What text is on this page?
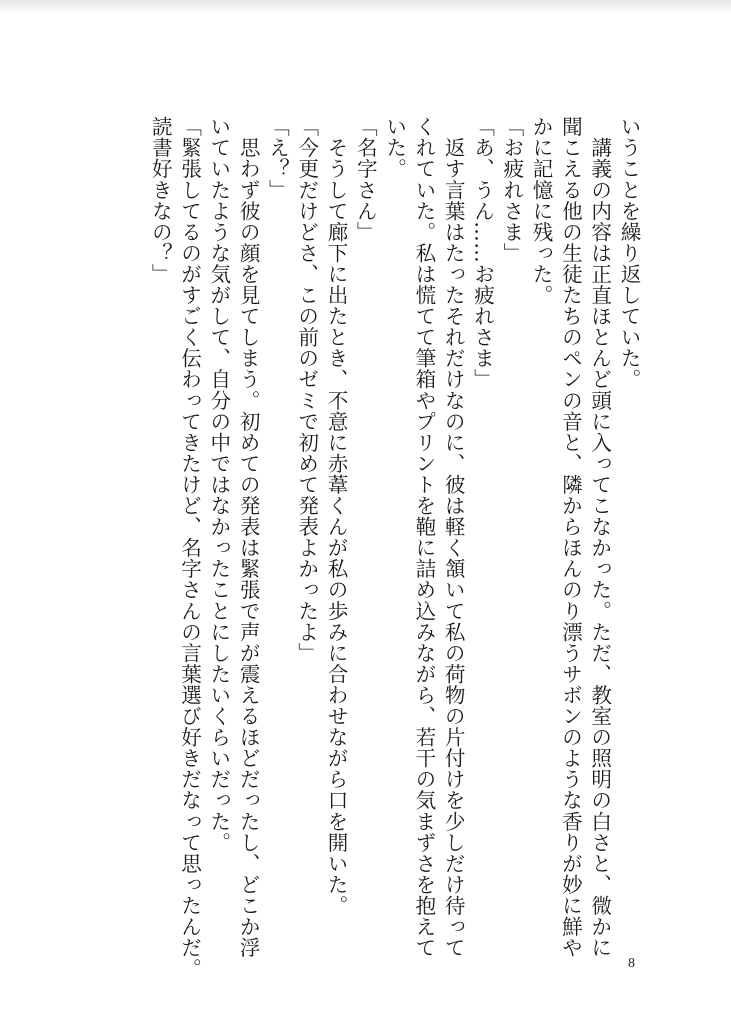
いうことを繰り返していた。
　講義の内容は正直ほとんど頭に入ってこなかった。ただ、教室の照明の白さと、微かに
聞こえる他の生徒たちのペンの音と、隣からほんのり漂うサボンのような香りが妙に鮮や
かに記憶に残った。
「お疲れさま」
「あ、うん……お疲れさま」
　返す言葉はたったそれだけなのに、彼は軽く頷いて私の荷物の片付けを少しだけ待って
くれていた。私は慌てて筆箱やプリントを鞄に詰め込みながら、若干の気まずさを抱えて
いた。
「名字さん」
　そうして廊下に出たとき、不意に赤葦くんが私の歩みに合わせながら口を開いた。
「今更だけどさ、この前のゼミで初めて発表よかったよ」
「え？」
　思わず彼の顔を見てしまう。初めての発表は緊張で声が震えるほどだったし、どこか浮
いていたような気がして、自分の中ではなかったことにしたいくらいだった。
「緊張してるのがすごく伝わってきたけど、名字さんの言葉選び好きだなって思ったんだ。
読書好きなの？」
8
